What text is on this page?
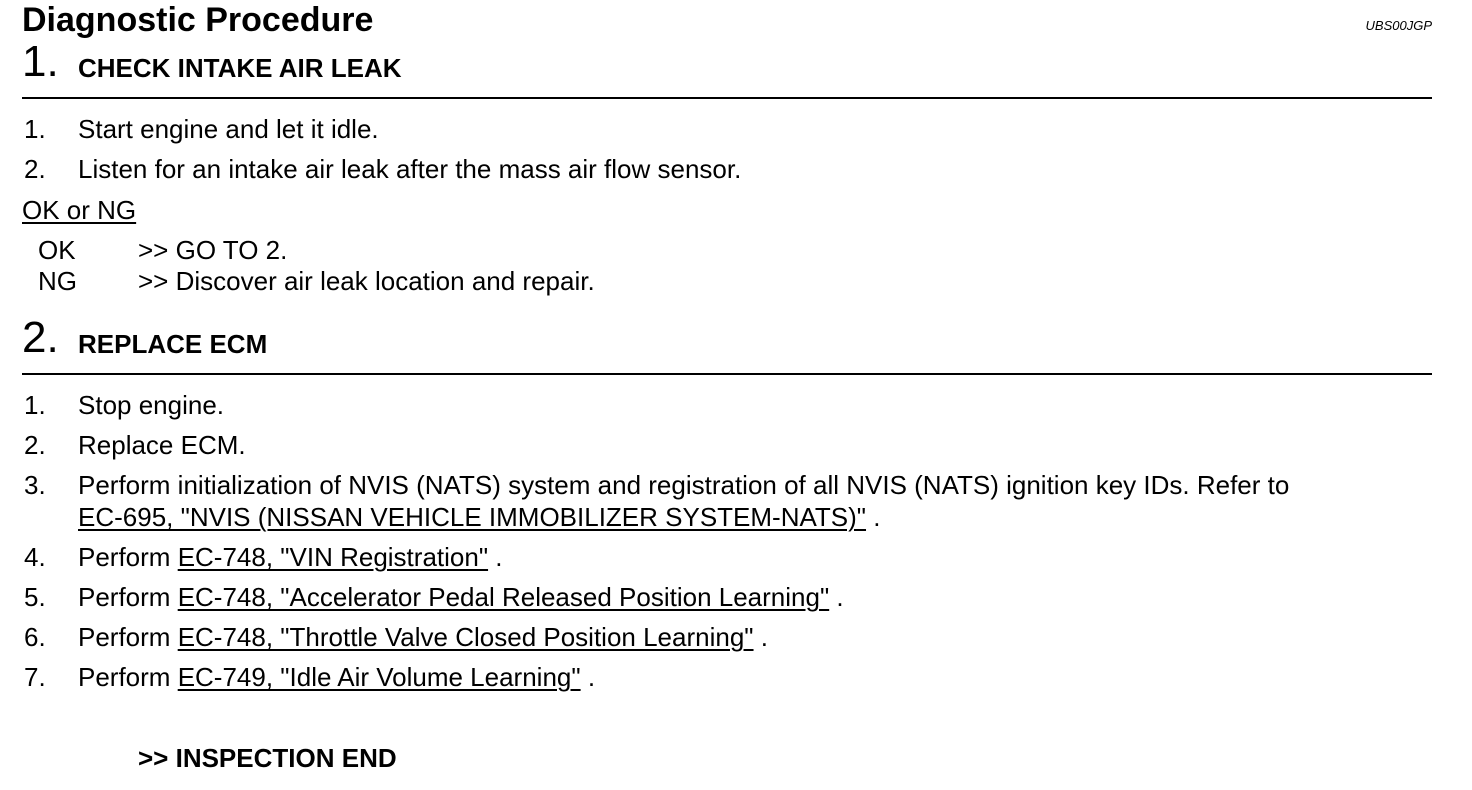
Diagnostic Procedure	UBS00JGP
1. CHECK INTAKE AIR LEAK
1. Start engine and let it idle.
2. Listen for an intake air leak after the mass air flow sensor.
OK or NG
OK >> GO TO 2.
NG >> Discover air leak location and repair.
2. REPLACE ECM
1. Stop engine.
2. Replace ECM.
3. Perform initialization of NVIS (NATS) system and registration of all NVIS (NATS) ignition key IDs. Refer to
EC-695, "NVIS (NISSAN VEHICLE IMMOBILIZER SYSTEM-NATS)" .
4. Perform EC-748, "VIN Registration" .
5. Perform EC-748, "Accelerator Pedal Released Position Learning" .
6. Perform EC-748, "Throttle Valve Closed Position Learning" .
7. Perform EC-749, "Idle Air Volume Learning" .
>> INSPECTION END
